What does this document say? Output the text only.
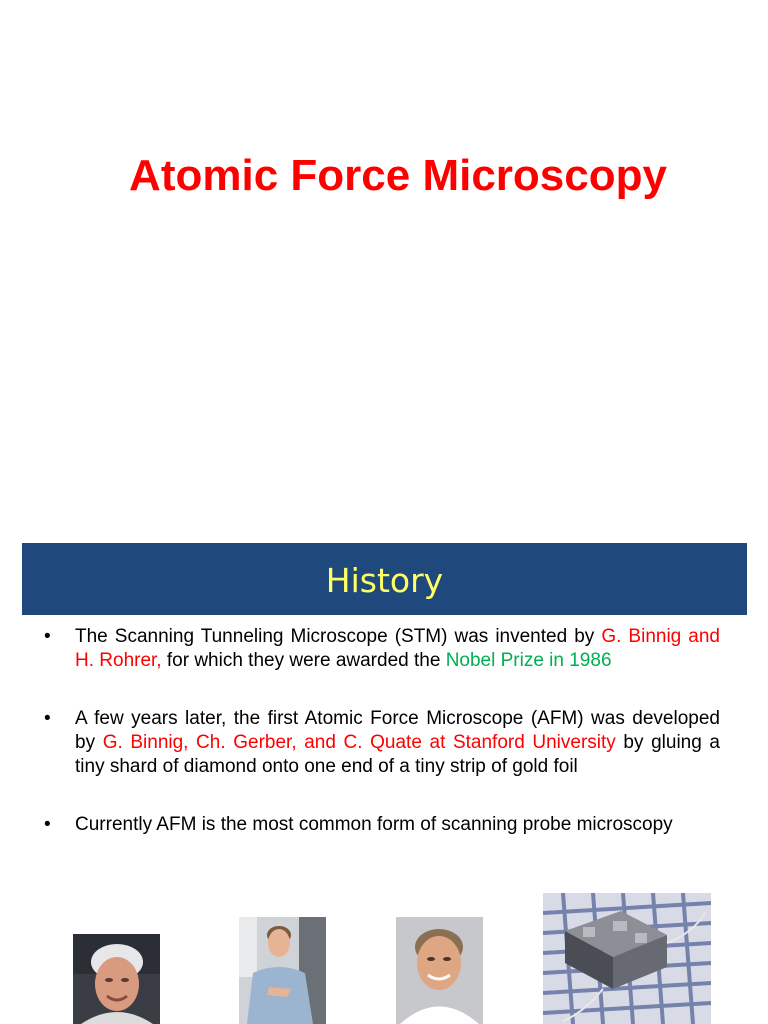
Atomic Force Microscopy
History
• The Scanning Tunneling Microscope (STM) was invented by G. Binnig and H. Rohrer, for which they were awarded the Nobel Prize in 1986
• A few years later, the first Atomic Force Microscope (AFM) was developed by G. Binnig, Ch. Gerber, and C. Quate at Stanford University by gluing a tiny shard of diamond onto one end of a tiny strip of gold foil
• Currently AFM is the most common form of scanning probe microscopy
